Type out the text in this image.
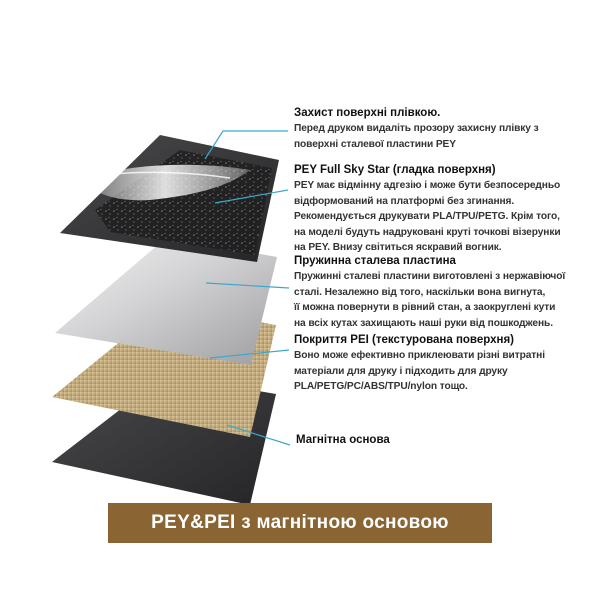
Захист поверхні плівкою.
Перед друком видаліть прозору захисну плівку з
поверхні сталевої пластини PEY
PEY Full Sky Star (гладка поверхня)
PEY має відмінну адгезію і може бути безпосередньо
відформований на платформі без згинання.
Рекомендується друкувати PLA/TPU/PETG. Крім того,
на моделі будуть надруковані круті точкові візерунки
на PEY. Внизу світиться яскравий вогник.
Пружинна сталева пластина
Пружинні сталеві пластини виготовлені з нержавіючої
сталі. Незалежно від того, наскільки вона вигнута,
її можна повернути в рівний стан, а заокруглені кути
на всіх кутах захищають наші руки від пошкоджень.
Покриття PEI (текстурована поверхня)
Воно може ефективно приклеювати різні витратні
матеріали для друку і підходить для друку
PLA/PETG/PC/ABS/TPU/nylon тощо.
Магнітна основа
PEY&PEI з магнітною основою
